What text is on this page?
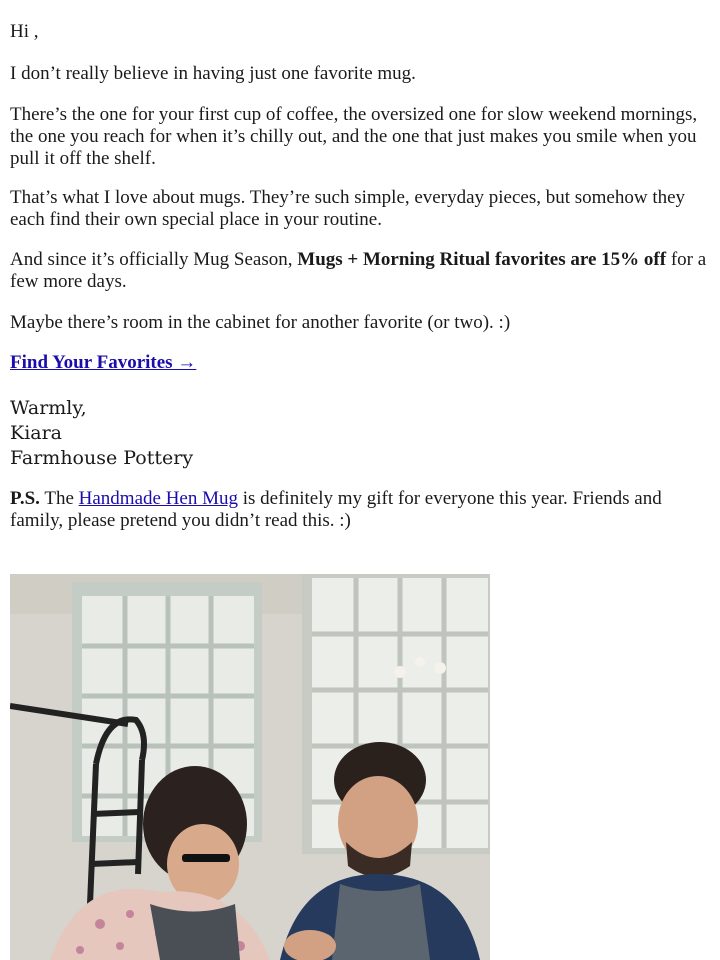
Hi ,

I don’t really believe in having just one favorite mug.

There’s the one for your first cup of coffee, the oversized one for slow weekend mornings, the one you reach for when it’s chilly out, and the one that just makes you smile when you pull it off the shelf.

That’s what I love about mugs. They’re such simple, everyday pieces, but somehow they each find their own special place in your routine.

And since it’s officially Mug Season, Mugs + Morning Ritual favorites are 15% off for a few more days.

Maybe there’s room in the cabinet for another favorite (or two). :)

Find Your Favorites →

Warmly,
Kiara
Farmhouse Pottery

P.S. The Handmade Hen Mug is definitely my gift for everyone this year. Friends and family, please pretend you didn’t read this. :)
